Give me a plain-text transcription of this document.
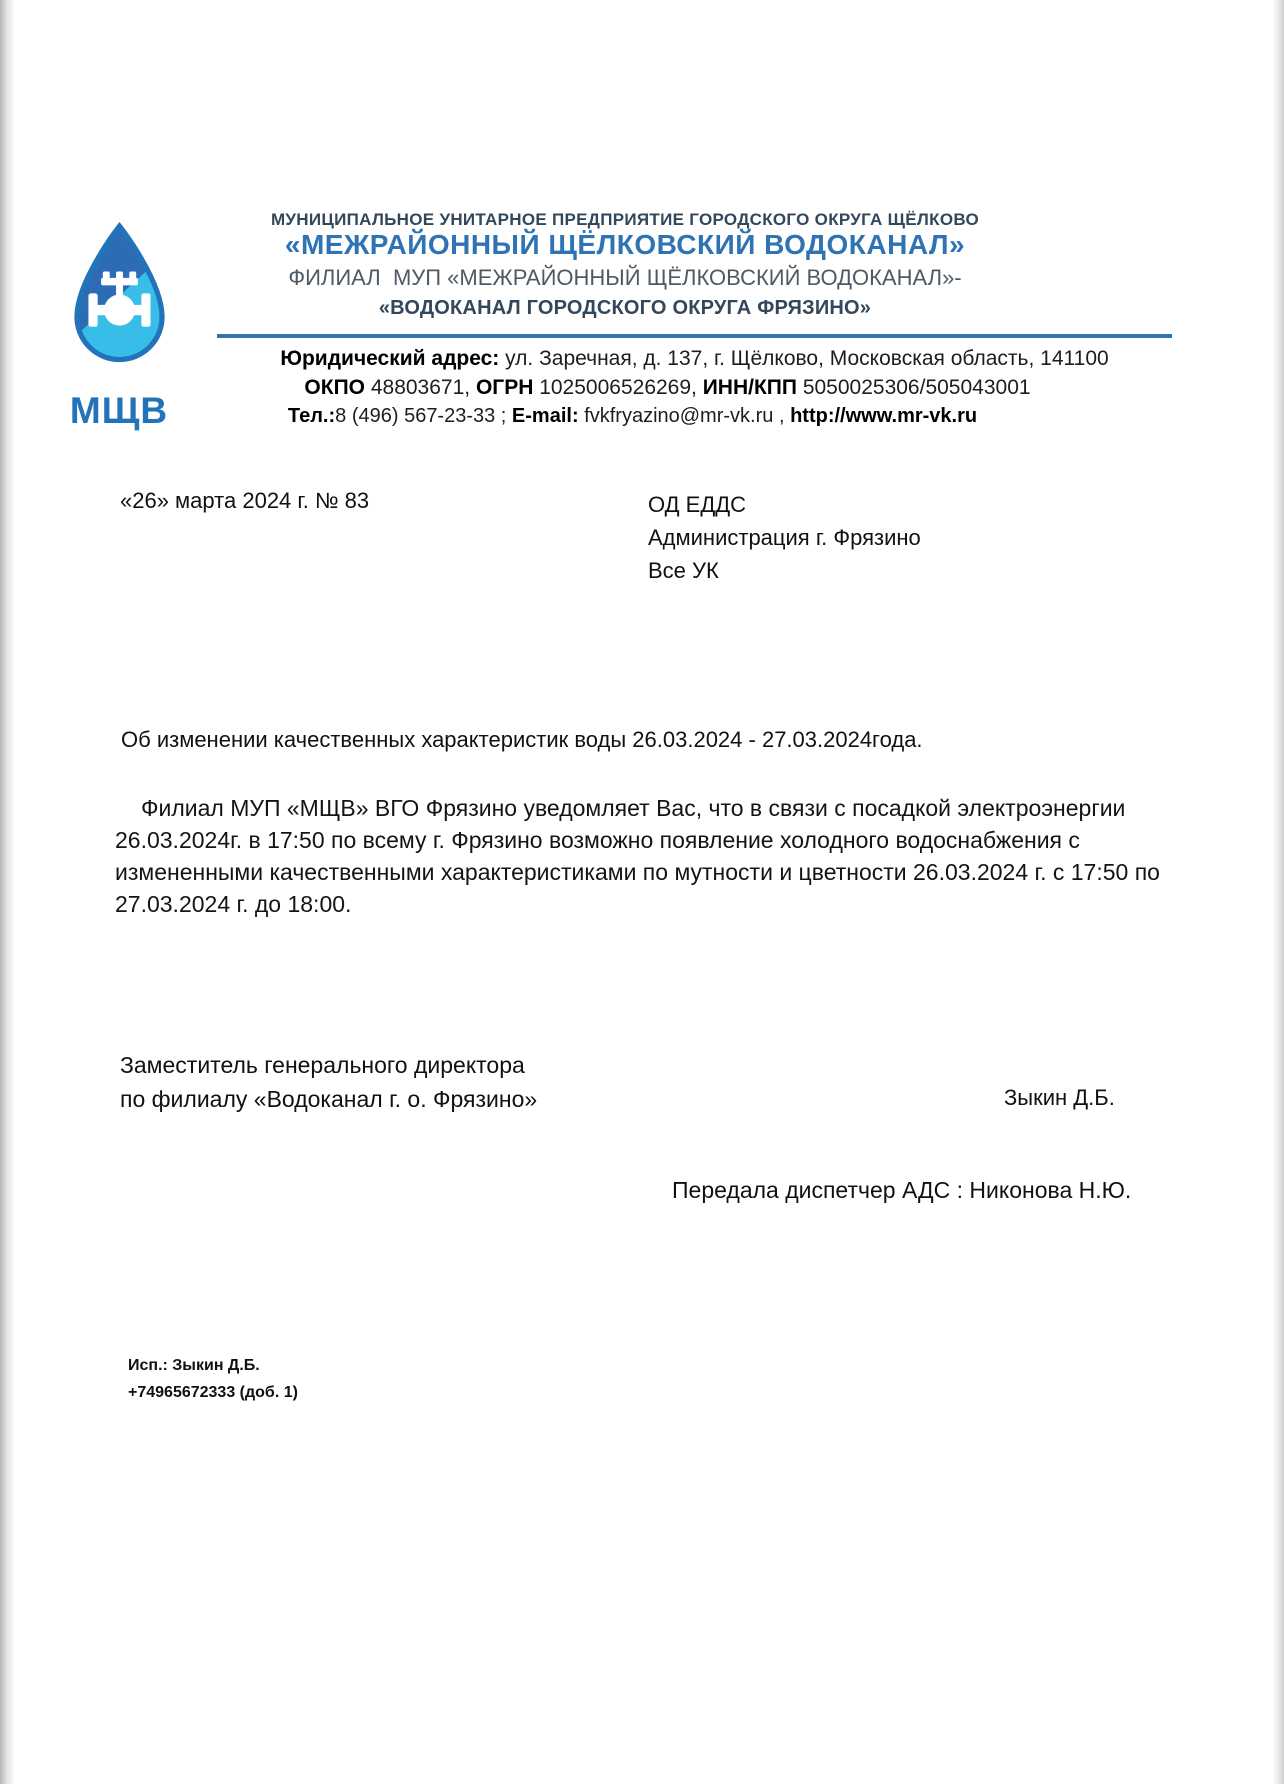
МЩВ
МУНИЦИПАЛЬНОЕ УНИТАРНОЕ ПРЕДПРИЯТИЕ ГОРОДСКОГО ОКРУГА ЩЁЛКОВО
«МЕЖРАЙОННЫЙ ЩЁЛКОВСКИЙ ВОДОКАНАЛ»
ФИЛИАЛ  МУП «МЕЖРАЙОННЫЙ ЩЁЛКОВСКИЙ ВОДОКАНАЛ»-
«ВОДОКАНАЛ ГОРОДСКОГО ОКРУГА ФРЯЗИНО»
Юридический адрес: ул. Заречная, д. 137, г. Щёлково, Московская область, 141100
ОКПО 48803671, ОГРН 1025006526269, ИНН/КПП 5050025306/505043001
Тел.:8 (496) 567-23-33 ; E-mail: fvkfryazino@mr-vk.ru , http://www.mr-vk.ru
«26» марта 2024 г. № 83	ОД ЕДДС
Администрация г. Фрязино
Все УК
Об изменении качественных характеристик воды 26.03.2024 - 27.03.2024года.
Филиал МУП «МЩВ» ВГО Фрязино уведомляет Вас, что в связи с посадкой электроэнергии 26.03.2024г. в 17:50 по всему г. Фрязино возможно появление холодного водоснабжения с измененными качественными характеристиками по мутности и цветности 26.03.2024 г. с 17:50 по 27.03.2024 г. до 18:00.
Заместитель генерального директора
по филиалу «Водоканал г. о. Фрязино»	Зыкин Д.Б.
Передала диспетчер АДС : Никонова Н.Ю.
Исп.: Зыкин Д.Б.
+74965672333 (доб. 1)
